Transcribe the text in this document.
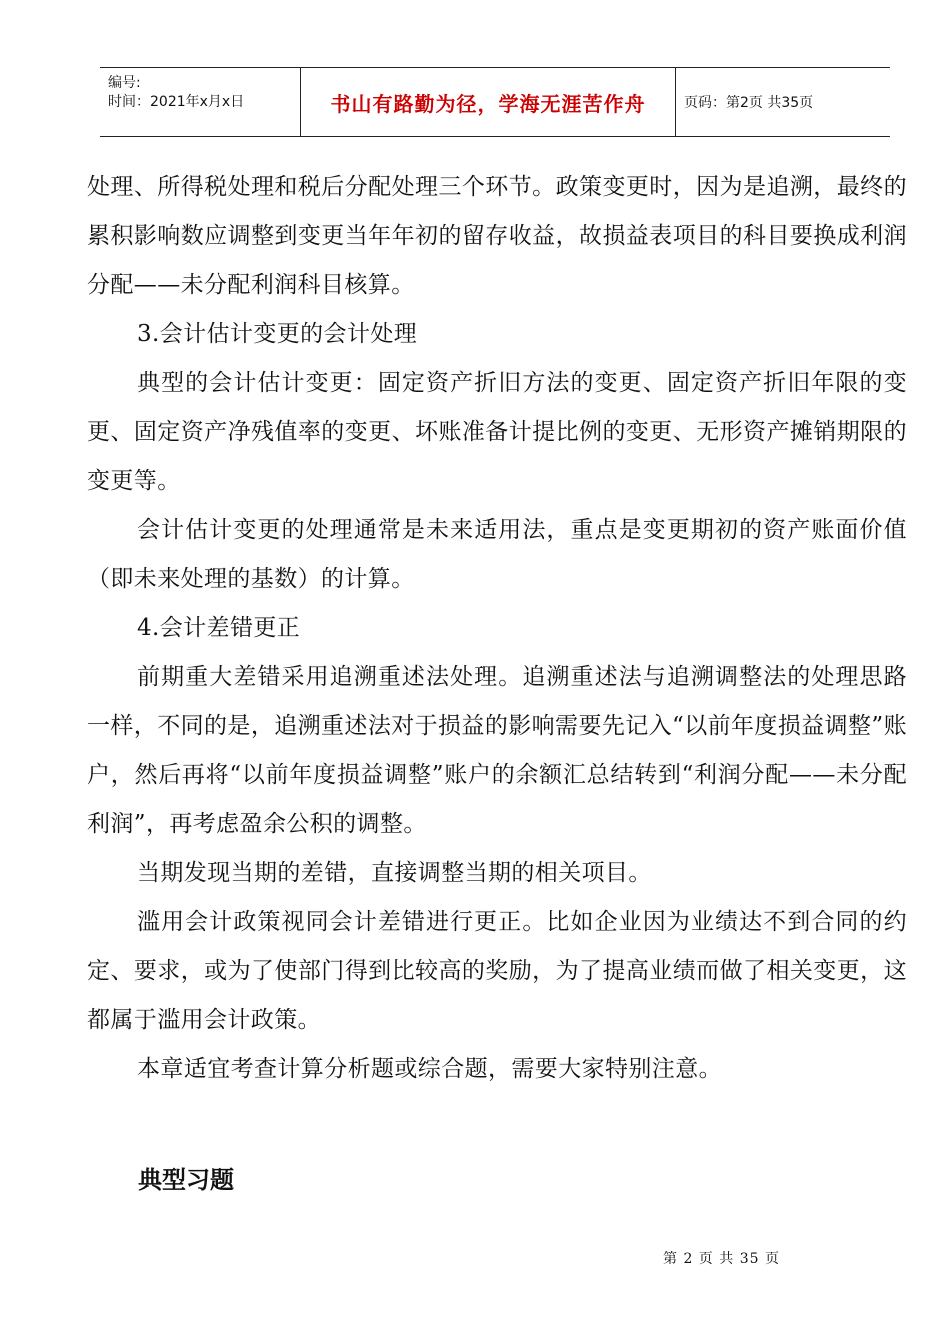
编号:
时间：2021年x月x日	书山有路勤为径，学海无涯苦作舟	页码：第2页 共35页

处理、所得税处理和税后分配处理三个环节。政策变更时，因为是追溯，最终的累积影响数应调整到变更当年年初的留存收益，故损益表项目的科目要换成利润分配——未分配利润科目核算。

3.会计估计变更的会计处理

典型的会计估计变更：固定资产折旧方法的变更、固定资产折旧年限的变更、固定资产净残值率的变更、坏账准备计提比例的变更、无形资产摊销期限的变更等。

会计估计变更的处理通常是未来适用法，重点是变更期初的资产账面价值（即未来处理的基数）的计算。

4.会计差错更正

前期重大差错采用追溯重述法处理。追溯重述法与追溯调整法的处理思路一样，不同的是，追溯重述法对于损益的影响需要先记入“以前年度损益调整”账户，然后再将“以前年度损益调整”账户的余额汇总结转到“利润分配——未分配利润”，再考虑盈余公积的调整。

当期发现当期的差错，直接调整当期的相关项目。

滥用会计政策视同会计差错进行更正。比如企业因为业绩达不到合同的约定、要求，或为了使部门得到比较高的奖励，为了提高业绩而做了相关变更，这都属于滥用会计政策。

本章适宜考查计算分析题或综合题，需要大家特别注意。

典型习题
第 2 页 共 35 页
